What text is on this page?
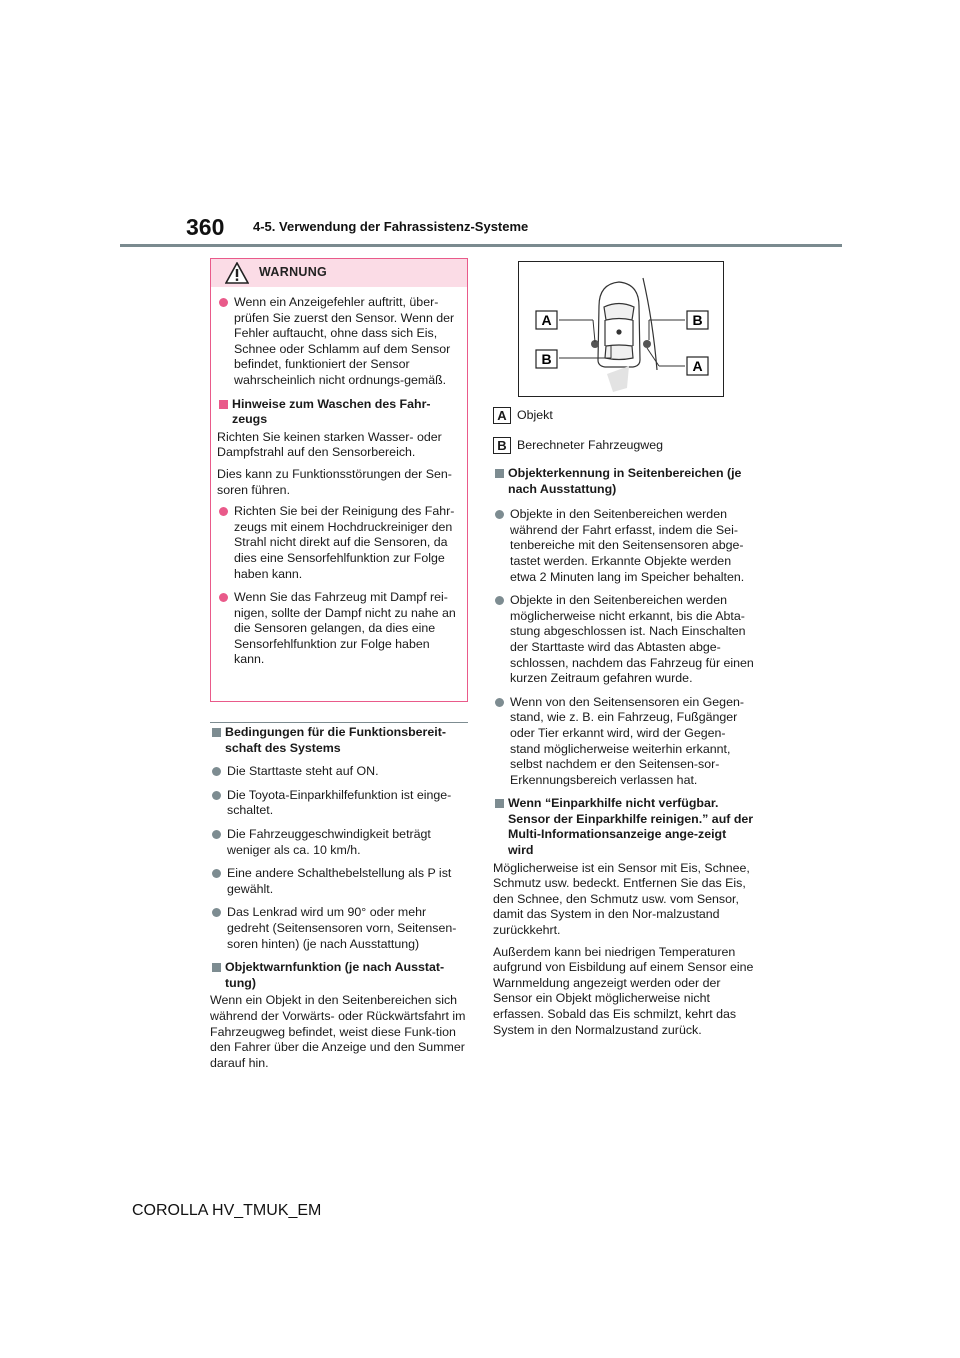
360 4-5. Verwendung der Fahrassistenz-Systeme
WARNUNG
Wenn ein Anzeigefehler auftritt, über-prüfen Sie zuerst den Sensor. Wenn der Fehler auftaucht, ohne dass sich Eis, Schnee oder Schlamm auf dem Sensor befindet, funktioniert der Sensor wahrscheinlich nicht ordnungs-gemäß.
Hinweise zum Waschen des Fahr-zeugs
Richten Sie keinen starken Wasser- oder Dampfstrahl auf den Sensorbereich.
Dies kann zu Funktionsstörungen der Sen-soren führen.
Richten Sie bei der Reinigung des Fahr-zeugs mit einem Hochdruckreiniger den Strahl nicht direkt auf die Sensoren, da dies eine Sensorfehlfunktion zur Folge haben kann.
Wenn Sie das Fahrzeug mit Dampf rei-nigen, sollte der Dampf nicht zu nahe an die Sensoren gelangen, da dies eine Sensorfehlfunktion zur Folge haben kann.
Bedingungen für die Funktionsbereit-schaft des Systems
Die Starttaste steht auf ON.
Die Toyota-Einparkhilfefunktion ist einge-schaltet.
Die Fahrzeuggeschwindigkeit beträgt weniger als ca. 10 km/h.
Eine andere Schalthebelstellung als P ist gewählt.
Das Lenkrad wird um 90° oder mehr gedreht (Seitensensoren vorn, Seitensen-soren hinten) (je nach Ausstattung)
Objektwarnfunktion (je nach Ausstat-tung)
Wenn ein Objekt in den Seitenbereichen sich während der Vorwärts- oder Rückwärtsfahrt im Fahrzeugweg befindet, weist diese Funk-tion den Fahrer über die Anzeige und den Summer darauf hin.
A
B
B
A
A Objekt
B Berechneter Fahrzeugweg
Objekterkennung in Seitenbereichen (je nach Ausstattung)
Objekte in den Seitenbereichen werden während der Fahrt erfasst, indem die Sei-tenbereiche mit den Seitensensoren abge-tastet werden. Erkannte Objekte werden etwa 2 Minuten lang im Speicher behalten.
Objekte in den Seitenbereichen werden möglicherweise nicht erkannt, bis die Abta-stung abgeschlossen ist. Nach Einschalten der Starttaste wird das Abtasten abge-schlossen, nachdem das Fahrzeug für einen kurzen Zeitraum gefahren wurde.
Wenn von den Seitensensoren ein Gegen-stand, wie z. B. ein Fahrzeug, Fußgänger oder Tier erkannt wird, wird der Gegen-stand möglicherweise weiterhin erkannt, selbst nachdem er den Seitensen-sor-Erkennungsbereich verlassen hat.
Wenn “Einparkhilfe nicht verfügbar. Sensor der Einparkhilfe reinigen.” auf der Multi-Informationsanzeige ange-zeigt wird
Möglicherweise ist ein Sensor mit Eis, Schnee, Schmutz usw. bedeckt. Entfernen Sie das Eis, den Schnee, den Schmutz usw. vom Sensor, damit das System in den Nor-malzustand zurückkehrt.
Außerdem kann bei niedrigen Temperaturen aufgrund von Eisbildung auf einem Sensor eine Warnmeldung angezeigt werden oder der Sensor ein Objekt möglicherweise nicht erfassen. Sobald das Eis schmilzt, kehrt das System in den Normalzustand zurück.
COROLLA HV_TMUK_EM
